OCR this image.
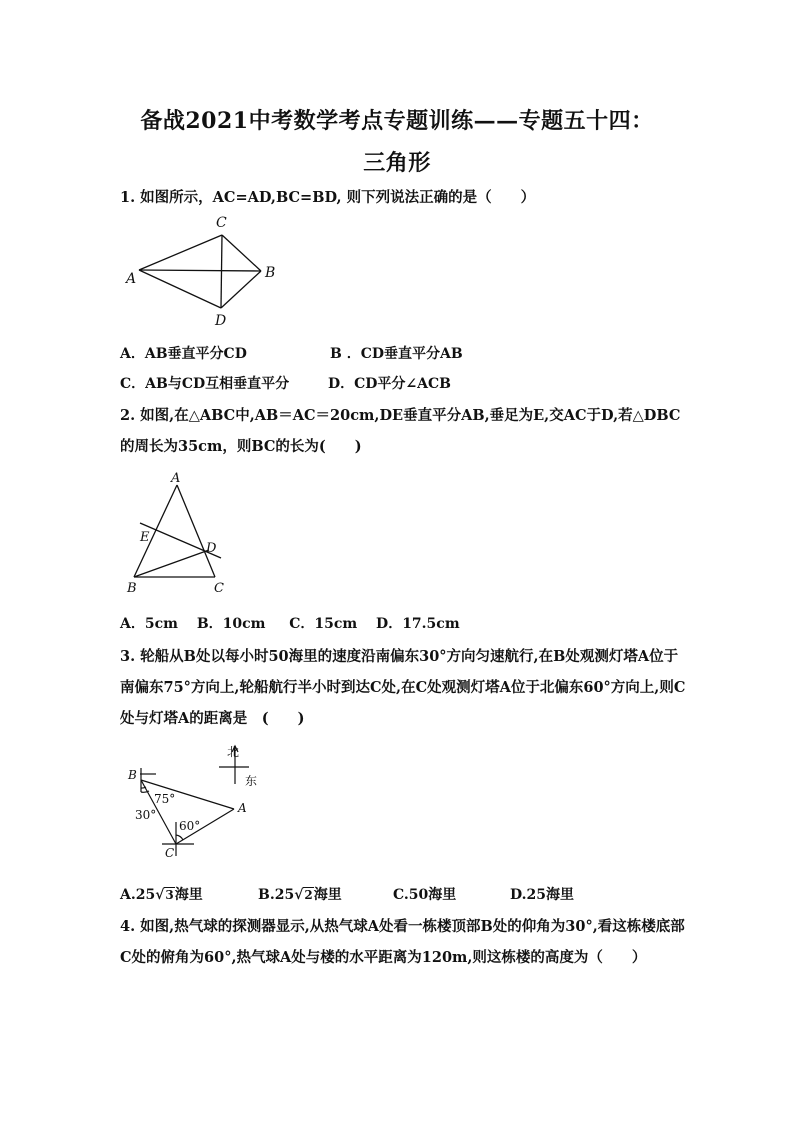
备战2021中考数学考点专题训练——专题五十四：
三角形
1. 如图所示，AC=AD,BC=BD, 则下列说法正确的是（　　）
C
B
A
D
A．AB垂直平分CD	B ．CD垂直平分AB
C．AB与CD互相垂直平分	D．CD平分∠ACB
2. 如图,在△ABC中,AB＝AC＝20cm,DE垂直平分AB,垂足为E,交AC于D,若△DBC
的周长为35cm，则BC的长为(　　)
A
E
D
B	C
A．5cm　 B．10cm　  C．15cm　 D．17.5cm
3. 轮船从B处以每小时50海里的速度沿南偏东30°方向匀速航行,在B处观测灯塔A位于
南偏东75°方向上,轮船航行半小时到达C处,在C处观测灯塔A位于北偏东60°方向上,则C
处与灯塔A的距离是　(　　)
北
东
B
A
C
75°
30°
60°
A.25√3海里	B.25√2海里	C.50海里	D.25海里
4. 如图,热气球的探测器显示,从热气球A处看一栋楼顶部B处的仰角为30°,看这栋楼底部
C处的俯角为60°,热气球A处与楼的水平距离为120m,则这栋楼的高度为（　　）
